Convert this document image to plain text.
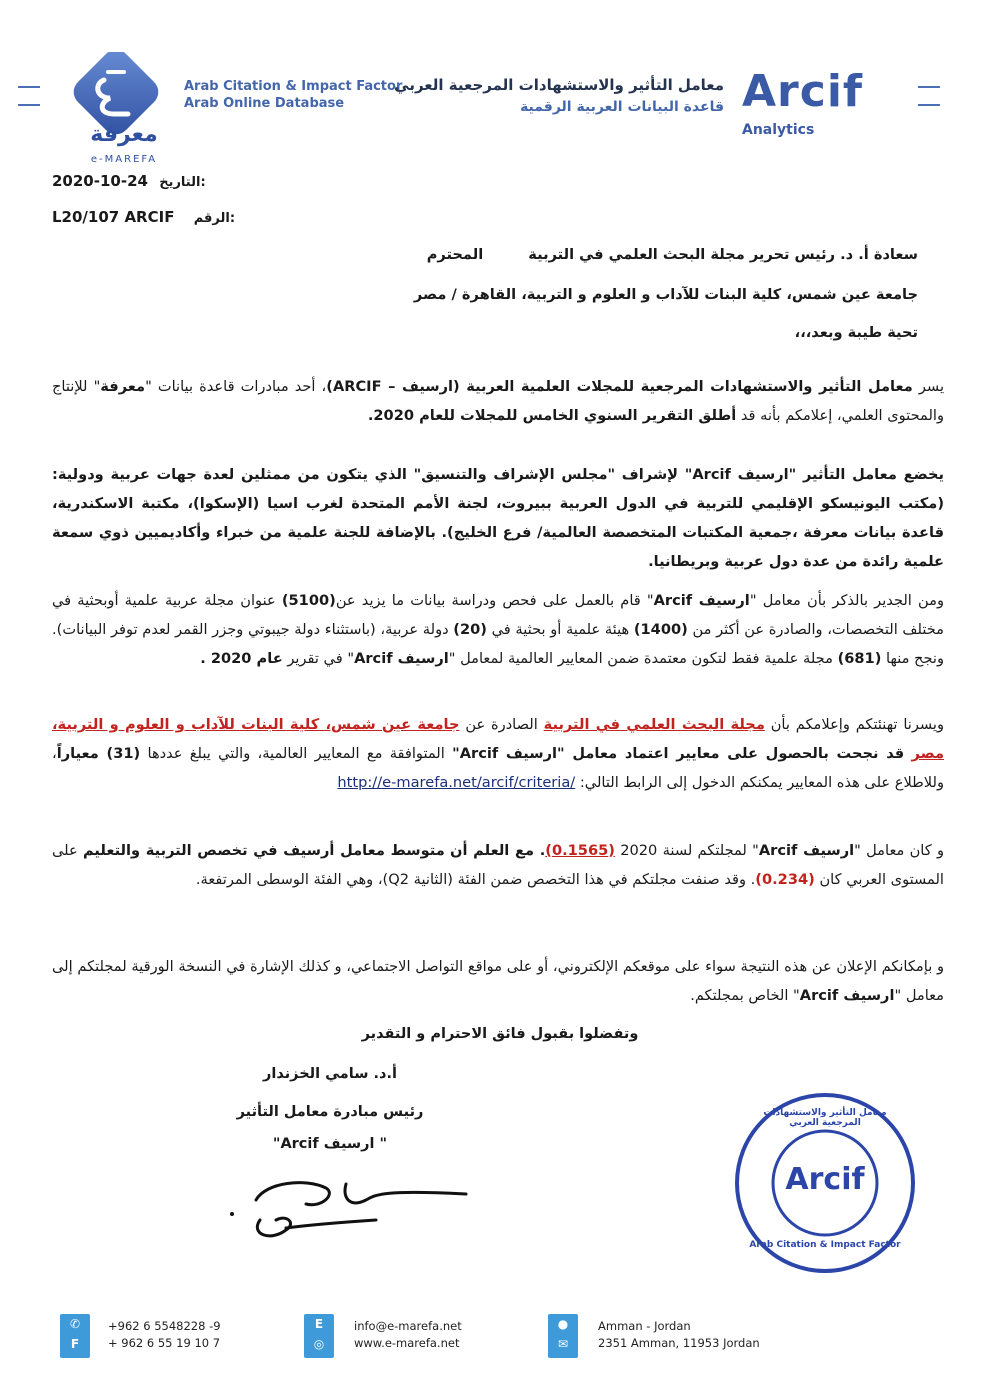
معرفة
e-MAREFA
Arab Citation & Impact Factor
Arab Online Database
معامل التأثير والاستشهادات المرجعية العربي
قاعدة البيانات العربية الرقمية Arcif
Analytics
2020-10-24 التاريخ:
L20/107 ARCIF الرقم:
سعادة أ. د. رئيس تحرير مجلة البحث العلمي في التربية المحترم
جامعة عين شمس، كلية البنات للآداب و العلوم و التربية، القاهرة / مصر
تحية طيبة وبعد،،،
يسر معامل التأثير والاستشهادات المرجعية للمجلات العلمية العربية (ارسيف – ARCIF)، أحد مبادرات قاعدة بيانات "معرفة" للإنتاج والمحتوى العلمي، إعلامكم بأنه قد أطلق التقرير السنوي الخامس للمجلات للعام 2020.
يخضع معامل التأثير "ارسيف Arcif" لإشراف "مجلس الإشراف والتنسيق" الذي يتكون من ممثلين لعدة جهات عربية ودولية: (مكتب اليونيسكو الإقليمي للتربية في الدول العربية ببيروت، لجنة الأمم المتحدة لغرب اسيا (الإسكوا)، مكتبة الاسكندرية، قاعدة بيانات معرفة ،جمعية المكتبات المتخصصة العالمية/ فرع الخليج). بالإضافة للجنة علمية من خبراء وأكاديميين ذوي سمعة علمية رائدة من عدة دول عربية وبريطانيا.
ومن الجدير بالذكر بأن معامل "ارسيف Arcif" قام بالعمل على فحص ودراسة بيانات ما يزيد عن(5100) عنوان مجلة عربية علمية أوبحثية في مختلف التخصصات، والصادرة عن أكثر من (1400) هيئة علمية أو بحثية في (20) دولة عربية، (باستثناء دولة جيبوتي وجزر القمر لعدم توفر البيانات). ونجح منها (681) مجلة علمية فقط لتكون معتمدة ضمن المعايير العالمية لمعامل "ارسيف Arcif" في تقرير عام 2020 .
ويسرنا تهنئتكم وإعلامكم بأن مجلة البحث العلمي في التربية الصادرة عن جامعة عين شمس، كلية البنات للآداب و العلوم و التربية، مصر قد نجحت بالحصول على معايير اعتماد معامل "ارسيف Arcif" المتوافقة مع المعايير العالمية، والتي يبلغ عددها (31) معياراً، وللاطلاع على هذه المعايير يمكنكم الدخول إلى الرابط التالي: http://e-marefa.net/arcif/criteria/
و كان معامل "ارسيف Arcif" لمجلتكم لسنة 2020 (0.1565). مع العلم أن متوسط معامل أرسيف في تخصص التربية والتعليم على المستوى العربي كان (0.234). وقد صنفت مجلتكم في هذا التخصص ضمن الفئة (الثانية Q2)، وهي الفئة الوسطى المرتفعة.
و بإمكانكم الإعلان عن هذه النتيجة سواء على موقعكم الإلكتروني، أو على مواقع التواصل الاجتماعي، و كذلك الإشارة في النسخة الورقية لمجلتكم إلى معامل "ارسيف Arcif" الخاص بمجلتكم.
وتفضلوا بقبول فائق الاحترام و التقدير
أ.د. سامي الخزندار
رئيس مبادرة معامل التأثير
" ارسيف Arcif"
معامل التأثير والاستشهادات المرجعية العربي
Arcif
Arab Citation & Impact Factor
✆
F
+962 6 5548228 -9
+ 962 6 55 19 10 7
E
◎
info@e-marefa.net
www.e-marefa.net
●
✉
Amman - Jordan
2351 Amman, 11953 Jordan
